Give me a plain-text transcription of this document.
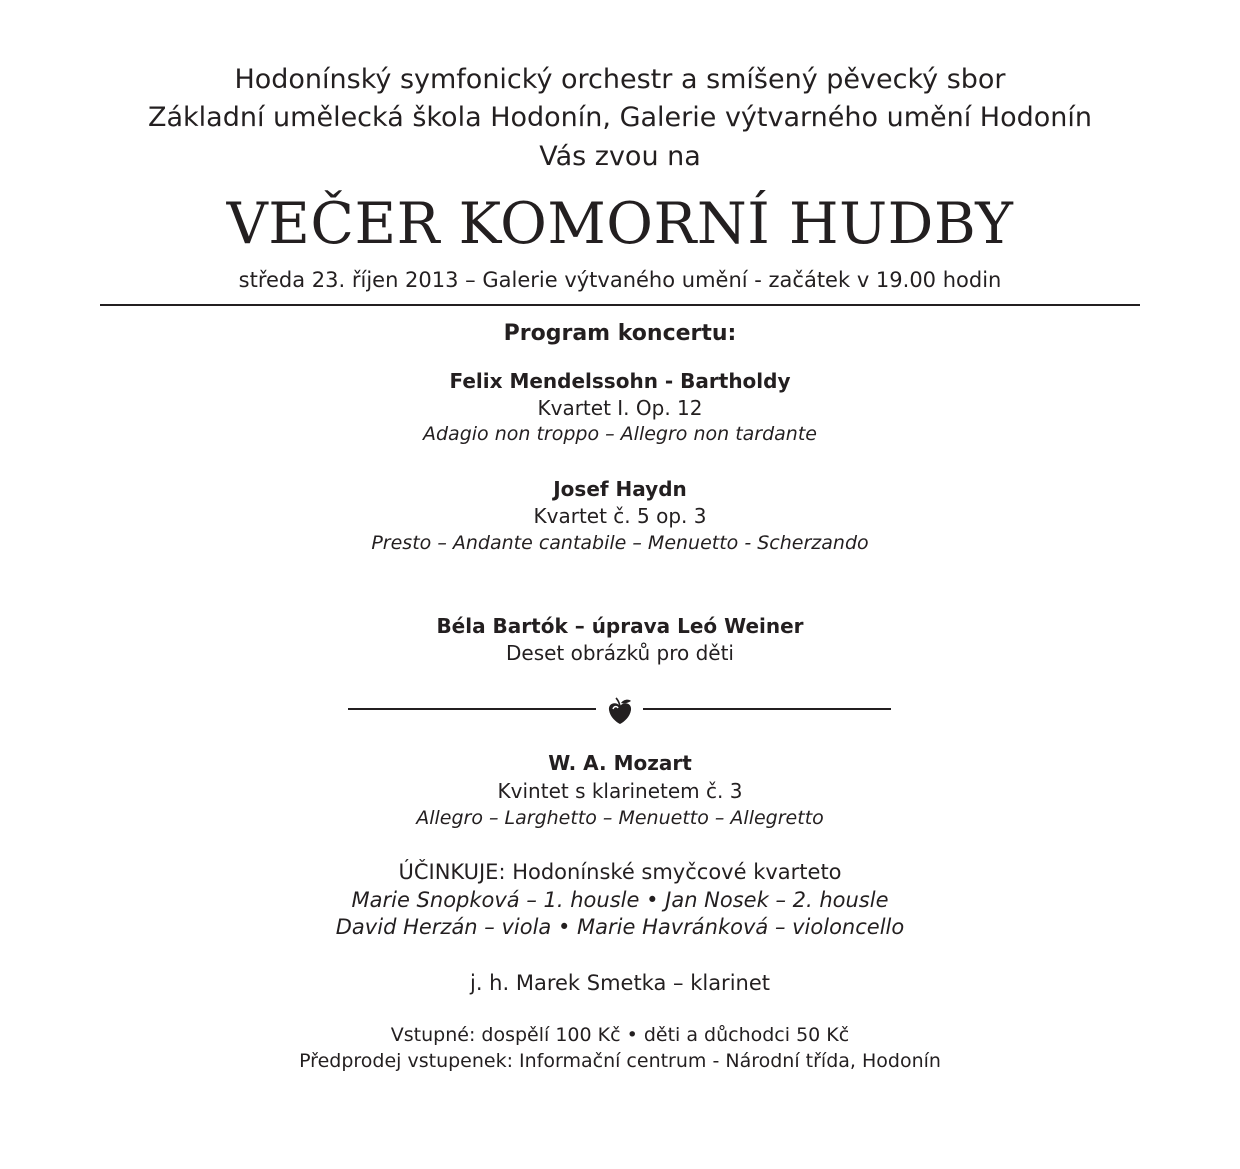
Hodonínský symfonický orchestr a smíšený pěvecký sbor
Základní umělecká škola Hodonín, Galerie výtvarného umění Hodonín
Vás zvou na
VEČER KOMORNÍ HUDBY
středa 23. říjen 2013 – Galerie výtvaného umění - začátek v 19.00 hodin
Program koncertu:
Felix Mendelssohn - Bartholdy
Kvartet I. Op. 12
Adagio non troppo – Allegro non tardante
Josef Haydn
Kvartet č. 5 op. 3
Presto – Andante cantabile – Menuetto - Scherzando
Béla Bartók – úprava Leó Weiner
Deset obrázků pro děti
W. A. Mozart
Kvintet s klarinetem č. 3
Allegro – Larghetto – Menuetto – Allegretto
ÚČINKUJE: Hodonínské smyčcové kvarteto
Marie Snopková – 1. housle • Jan Nosek – 2. housle
David Herzán – viola • Marie Havránková – violoncello
j. h. Marek Smetka – klarinet
Vstupné: dospělí 100 Kč • děti a důchodci 50 Kč
Předprodej vstupenek: Informační centrum - Národní třída, Hodonín
